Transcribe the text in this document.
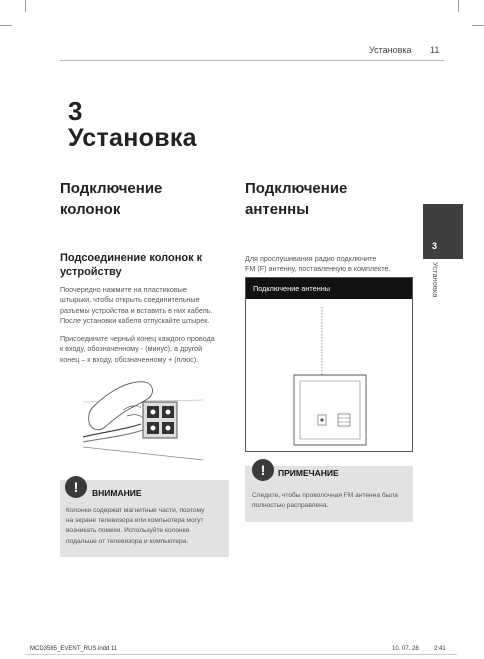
Установка 11
3
Установка
3
Установка
Подключение
колонок
Подсоединение колонок к
устройству
Поочередно нажмите на пластиковые
штырьки, чтобы открыть соединительные
разъемы устройства и вставить в них кабель.
После установки кабеля отпускайте штырек.
Присоедините черный конец каждого провода
к входу, обозначенному - (минус), а другой
конец – к входу, обозначенному + (плюс).
!	ВНИМАНИЕ
Колонки содержат магнитные части, поэтому
на экране телевизора или компьютера могут
возникать помехи. Используйте колонки
подальше от телевизора и компьютера.
Подключение
антенны
Для прослушивания радио подключите
FM (F) антенну, поставленную в комплекте.
Подключение антенны
!	ПРИМЕЧАНИЕ
Следите, чтобы проволочная FM антенна была
полностью расправлена.
MCD3585_EVENT_RUS.indd 11	10. 07. 28	2:41
